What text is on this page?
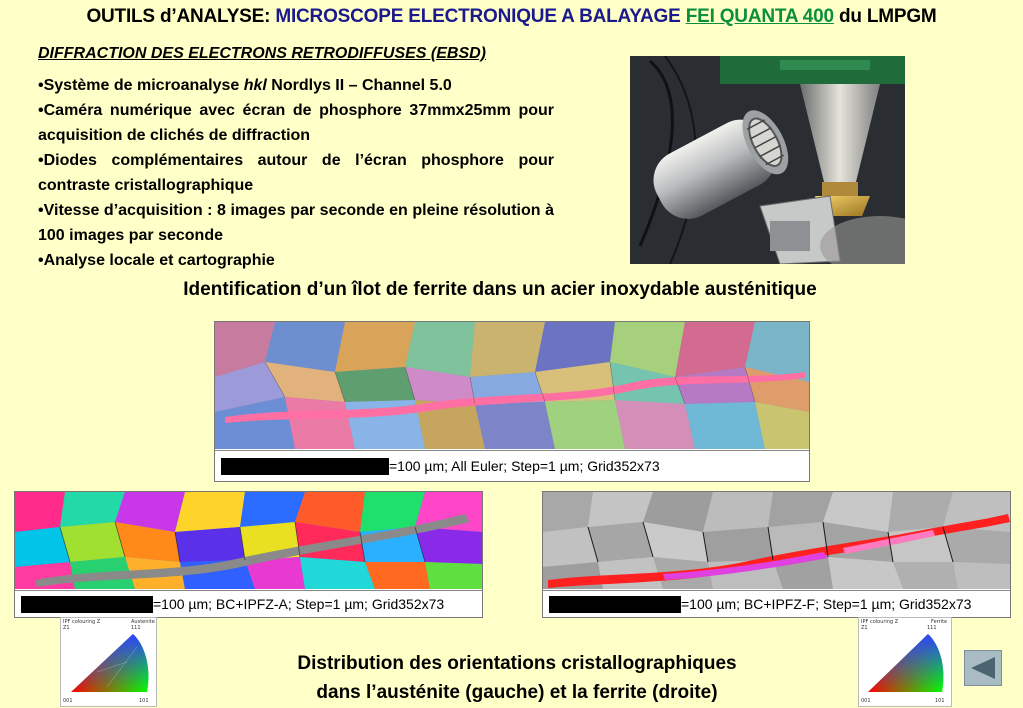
OUTILS d’ANALYSE: MICROSCOPE ELECTRONIQUE A BALAYAGE FEI QUANTA 400 du LMPGM
DIFFRACTION DES ELECTRONS RETRODIFFUSES (EBSD)
• Système de microanalyse hkl Nordlys II – Channel 5.0
• Caméra numérique avec écran de phosphore 37mmx25mm pour acquisition de clichés de diffraction
• Diodes complémentaires autour de l’écran phosphore pour contraste cristallographique
• Vitesse d’acquisition : 8 images par seconde en pleine résolution à 100 images par seconde
• Analyse locale et cartographie
Identification d’un îlot de ferrite dans un acier inoxydable austénitique
=100 µm; All Euler; Step=1 µm; Grid352x73
=100 µm; BC+IPFZ-A; Step=1 µm; Grid352x73	=100 µm; BC+IPFZ-F; Step=1 µm; Grid352x73
IPF colouring Z	Austenite
Z1	111
001	101
IPF colouring Z	Ferrite
Z1	111
001	101
Distribution des orientations cristallographiques
dans l’austénite (gauche) et la ferrite (droite)
